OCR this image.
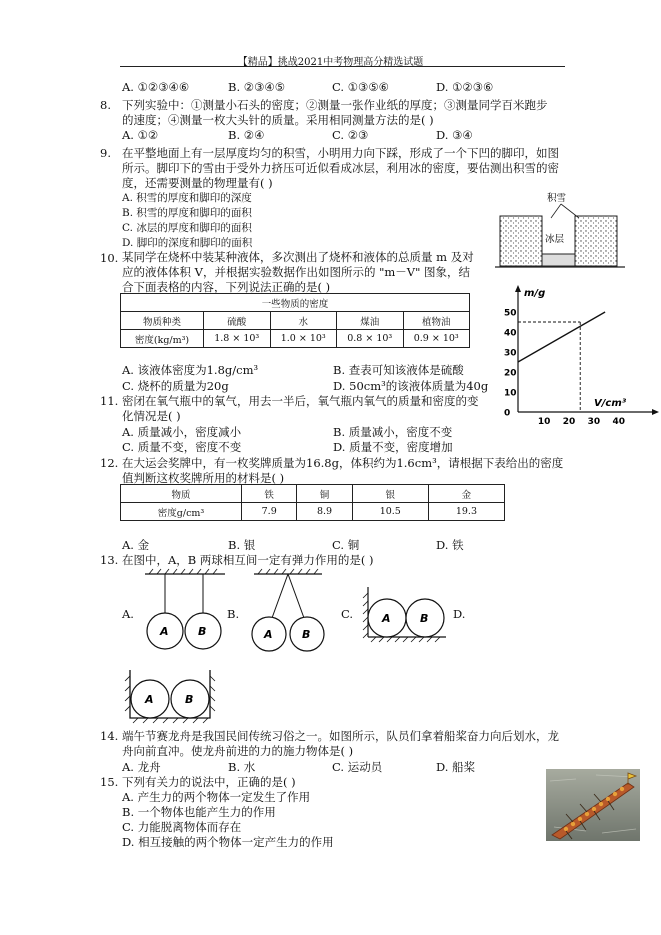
【精品】挑战2021中考物理高分精选试题
A. ①②③④⑥	B. ②③④⑤	C. ①③⑤⑥	D. ①②③⑥
8. 下列实验中：①测量小石头的密度；②测量一张作业纸的厚度；③测量同学百米跑步
的速度；④测量一枚大头针的质量。采用相同测量方法的是( )
A. ①②	B. ②④	C. ②③	D. ③④
9. 在平整地面上有一层厚度均匀的积雪，小明用力向下踩，形成了一个下凹的脚印，如图
所示。脚印下的雪由于受外力挤压可近似看成冰层，利用冰的密度，要估测出积雪的密
度，还需要测量的物理量有( )
A. 积雪的厚度和脚印的深度
B. 积雪的厚度和脚印的面积
C. 冰层的厚度和脚印的面积
D. 脚印的深度和脚印的面积
积雪
冰层
10. 某同学在烧杯中装某种液体，多次测出了烧杯和液体的总质量 m 及对
应的液体体积 V，并根据实验数据作出如图所示的 "m－V" 图象，结
合下面表格的内容，下列说法正确的是( )
一些物质的密度				
物质种类	硫酸	水	煤油	植物油
密度(kg/m³)	1.8 × 10³	1.0 × 10³	0.8 × 10³	0.9 × 10³
A. 该液体密度为1.8g/cm³	B. 查表可知该液体是硫酸
C. 烧杯的质量为20g	D. 50cm³的该液体质量为40g
m/g
V/cm³
0
10
20
30
40
50
10 20 30 40
11. 密闭在氧气瓶中的氧气，用去一半后，氧气瓶内氧气的质量和密度的变
化情况是( )
A. 质量减小，密度减小	B. 质量减小，密度不变
C. 质量不变，密度不变	D. 质量不变，密度增加
12. 在大运会奖牌中，有一枚奖牌质量为16.8g，体积约为1.6cm³，请根据下表给出的密度
值判断这枚奖牌所用的材料是( )
物质	铁	铜	银	金
密度g/cm³	7.9	8.9	10.5	19.3
A. 金	B. 银	C. 铜	D. 铁
13. 在图中，A，B 两球相互间一定有弹力作用的是( )
A.	B.	C.	D.
A	B	A	B
A	B
A	B
14. 端午节赛龙舟是我国民间传统习俗之一。如图所示，队员们拿着船桨奋力向后划水，龙
舟向前直冲。使龙舟前进的力的施力物体是( )
A. 龙舟	B. 水	C. 运动员	D. 船桨
15. 下列有关力的说法中，正确的是( )
A. 产生力的两个物体一定发生了作用
B. 一个物体也能产生力的作用
C. 力能脱离物体而存在
D. 相互接触的两个物体一定产生力的作用
